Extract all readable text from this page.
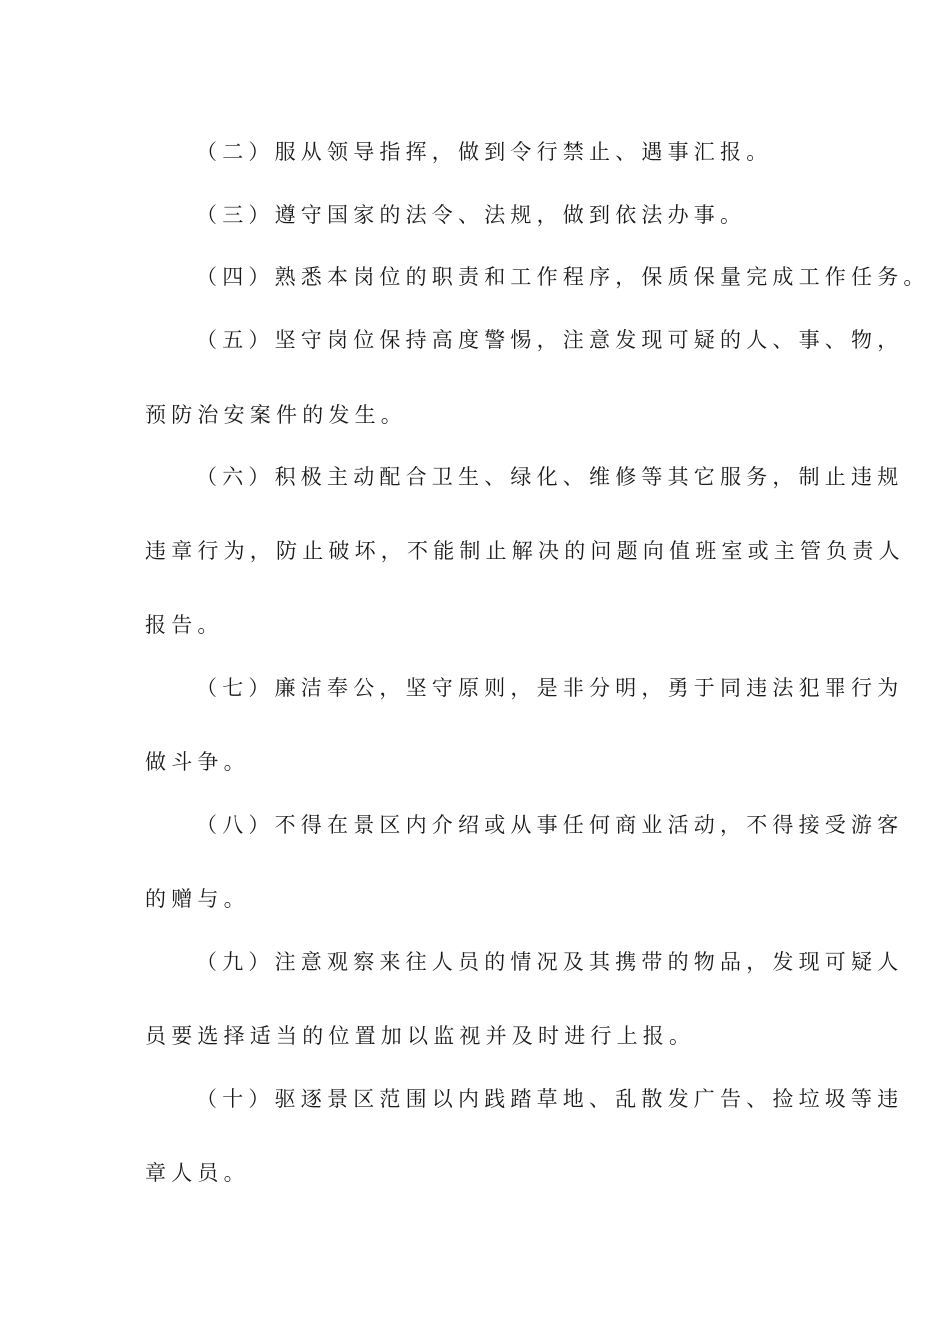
（二）服从领导指挥，做到令行禁止、遇事汇报。
（三）遵守国家的法令、法规，做到依法办事。
（四）熟悉本岗位的职责和工作程序，保质保量完成工作任务。
（五）坚守岗位保持高度警惕，注意发现可疑的人、事、物，
预防治安案件的发生。
（六）积极主动配合卫生、绿化、维修等其它服务，制止违规
违章行为，防止破坏，不能制止解决的问题向值班室或主管负责人
报告。
（七）廉洁奉公，坚守原则，是非分明，勇于同违法犯罪行为
做斗争。
（八）不得在景区内介绍或从事任何商业活动，不得接受游客
的赠与。
（九）注意观察来往人员的情况及其携带的物品，发现可疑人
员要选择适当的位置加以监视并及时进行上报。
（十）驱逐景区范围以内践踏草地、乱散发广告、捡垃圾等违
章人员。
